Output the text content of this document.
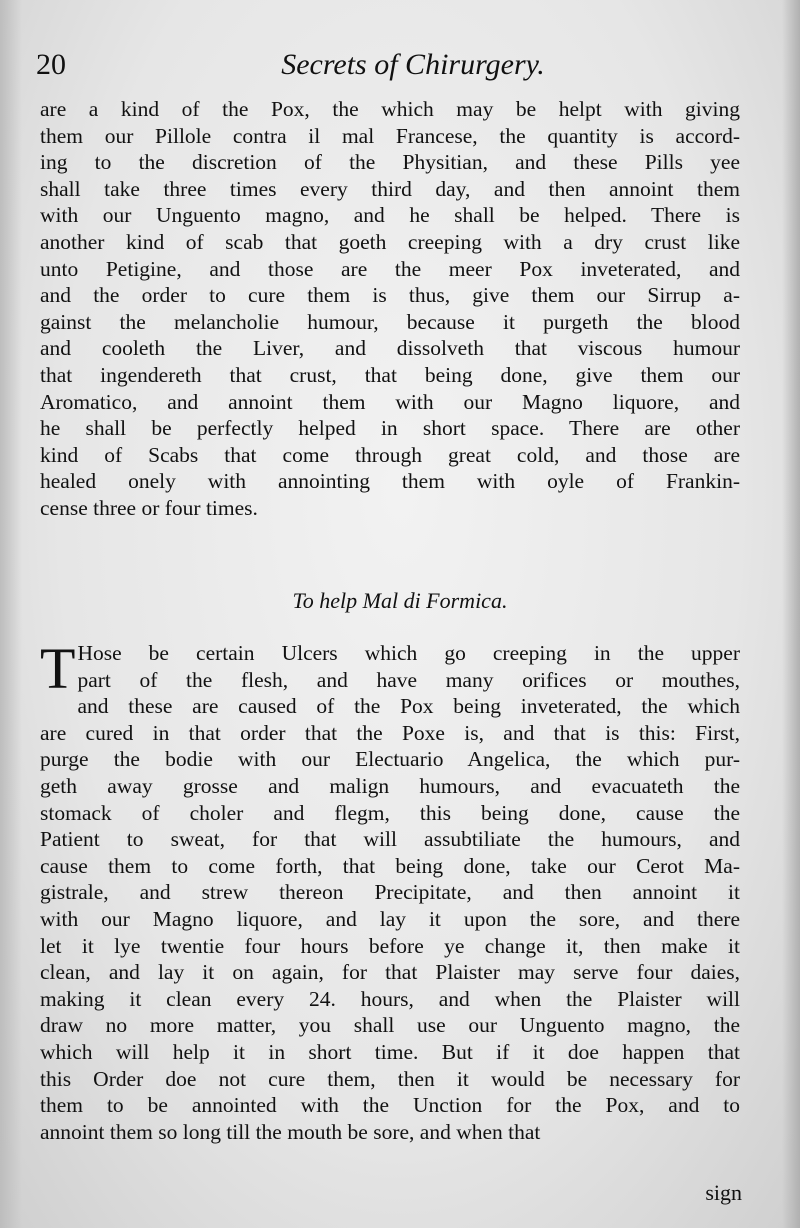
20	Secrets of Chirurgery.
are a kind of the Pox, the which may be helpt with giving
them our Pillole contra il mal Francese, the quantity is accord-
ing to the discretion of the Physitian, and these Pills yee
shall take three times every third day, and then annoint them
with our Unguento magno, and he shall be helped. There is
another kind of scab that goeth creeping with a dry crust like
unto Petigine, and those are the meer Pox inveterated, and
and the order to cure them is thus, give them our Sirrup a-
gainst the melancholie humour, because it purgeth the blood
and cooleth the Liver, and dissolveth that viscous humour
that ingendereth that crust, that being done, give them our
Aromatico, and annoint them with our Magno liquore, and
he shall be perfectly helped in short space. There are other
kind of Scabs that come through great cold, and those are
healed onely with annointing them with oyle of Frankin-
cense three or four times.
To help Mal di Formica.
T Hose be certain Ulcers which go creeping in the upper
part of the flesh, and have many orifices or mouthes,
and these are caused of the Pox being inveterated, the which
are cured in that order that the Poxe is, and that is this: First,
purge the bodie with our Electuario Angelica, the which pur-
geth away grosse and malign humours, and evacuateth the
stomack of choler and flegm, this being done, cause the
Patient to sweat, for that will assubtiliate the humours, and
cause them to come forth, that being done, take our Cerot Ma-
gistrale, and strew thereon Precipitate, and then annoint it
with our Magno liquore, and lay it upon the sore, and there
let it lye twentie four hours before ye change it, then make it
clean, and lay it on again, for that Plaister may serve four daies,
making it clean every 24. hours, and when the Plaister will
draw no more matter, you shall use our Unguento magno, the
which will help it in short time. But if it doe happen that
this Order doe not cure them, then it would be necessary for
them to be annointed with the Unction for the Pox, and to
annoint them so long till the mouth be sore, and when that
sign
